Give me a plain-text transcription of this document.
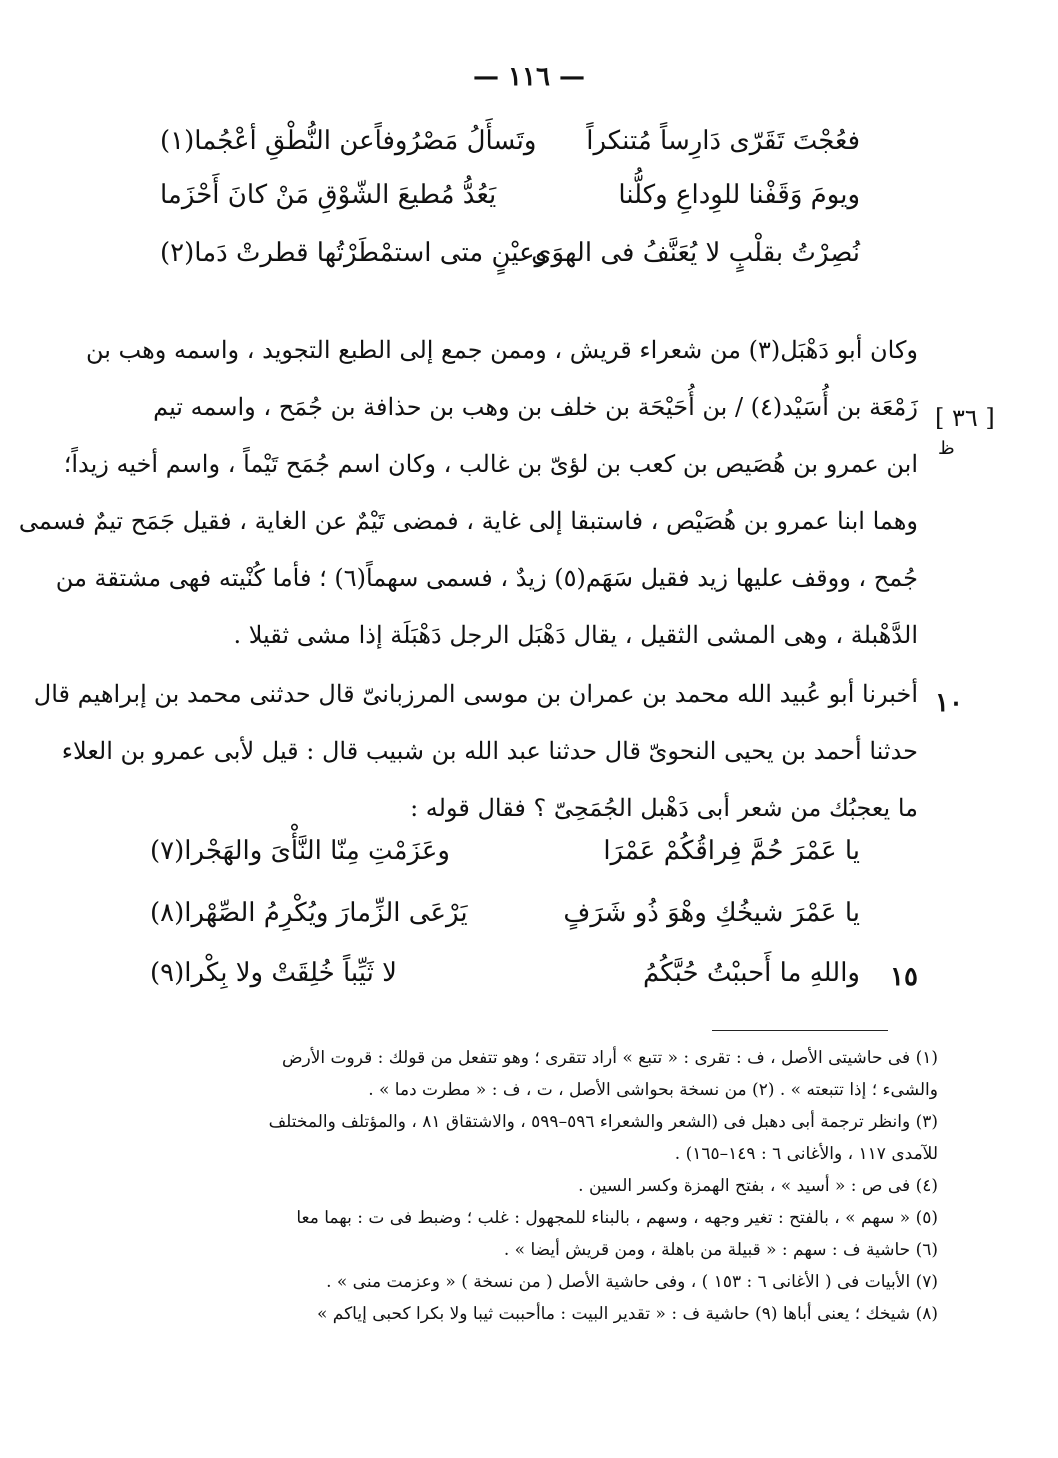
— ١١٦ —
فعُجْتَ تَقَرّى دَارِساً مُتنكراً
وتَسأَلُ مَصْرُوفاًعن النُّطْقِ أعْجُما(١)
ويومَ وَقَفْنا للوِداعِ وكلُّنا
يَعُدُّ مُطيعَ الشّوْقِ مَنْ كانَ أَحْزَما
نُصِرْتُ بقلْبٍ لا يُعَنَّفُ فى الهوَى
وعيْنٍ متى استمْطَرْتُها قطرتْ دَما(٢)
وكان أبو دَهْبَل(٣) من شعراء قريش ، وممن جمع إلى الطبع التجويد ، واسمه وهب بن
زَمْعَة بن أُسَيْد(٤) / بن أُحَيْحَة بن خلف بن وهب بن حذافة بن جُمَح ، واسمه تيم
ابن عمرو بن هُصَيص بن كعب بن لؤىّ بن غالب ، وكان اسم جُمَح تَيْماً ، واسم أخيه زيداً؛
وهما ابنا عمرو بن هُصَيْص ، فاستبقا إلى غاية ، فمضى تَيْمٌ عن الغاية ، فقيل جَمَح تيمٌ فسمى
جُمح ، ووقف عليها زيد فقيل سَهَم(٥) زيدٌ ، فسمى سهماً(٦) ؛ فأما كُنْيته فهى مشتقة من
الدَّهْبلة ، وهى المشى الثقيل ، يقال دَهْبَل الرجل دَهْبَلَة إذا مشى ثقيلا .
[ ٣٦ ]
ظ
١٠
أخبرنا أبو عُبيد الله محمد بن عمران بن موسى المرزبانىّ قال حدثنى محمد بن إبراهيم قال
حدثنا أحمد بن يحيى النحوىّ قال حدثنا عبد الله بن شبيب قال : قيل لأبى عمرو بن العلاء
ما يعجبُك من شعر أبى دَهْبل الجُمَحِىّ ؟ فقال قوله :
يا عَمْرَ حُمَّ فِراقُكُمْ عَمْرَا
وعَزَمْتِ مِنّا النَّأْىَ والهَجْرا(٧)
يا عَمْرَ شيخُكِ وهْوَ ذُو شَرَفٍ
يَرْعَى الزِّمارَ ويُكْرِمُ الصِّهْرا(٨)
١٥
واللهِ ما أَحببْتُ حُبَّكُمُ
لا ثَيِّباً خُلِقَتْ ولا بِكْرا(٩)
(١) فى حاشيتى الأصل ، ف : تقرى : « تتبع » أراد تتقرى ؛ وهو تتفعل من قولك : قروت الأرض
والشىء ؛ إذا تتبعته » . (٢) من نسخة بحواشى الأصل ، ت ، ف : « مطرت دما » .
(٣) وانظر ترجمة أبى دهبل فى (الشعر والشعراء ٥٩٦–٥٩٩ ، والاشتقاق ٨١ ، والمؤتلف والمختلف
للآمدى ١١٧ ، والأغانى ٦ : ١٤٩–١٦٥) .
(٤) فى ص : « أسيد » ، بفتح الهمزة وكسر السين .
(٥) « سهم » ، بالفتح : تغير وجهه ، وسهم ، بالبناء للمجهول : غلب ؛ وضبط فى ت : بهما معا
(٦) حاشية ف : سهم : « قبيلة من باهلة ، ومن قريش أيضا » .
(٧) الأبيات فى ( الأغانى ٦ : ١٥٣ ) ، وفى حاشية الأصل ( من نسخة ) « وعزمت منى » .
(٨) شيخك ؛ يعنى أباها (٩) حاشية ف : « تقدير البيت : ماأحببت ثيبا ولا بكرا كحبى إياكم »
